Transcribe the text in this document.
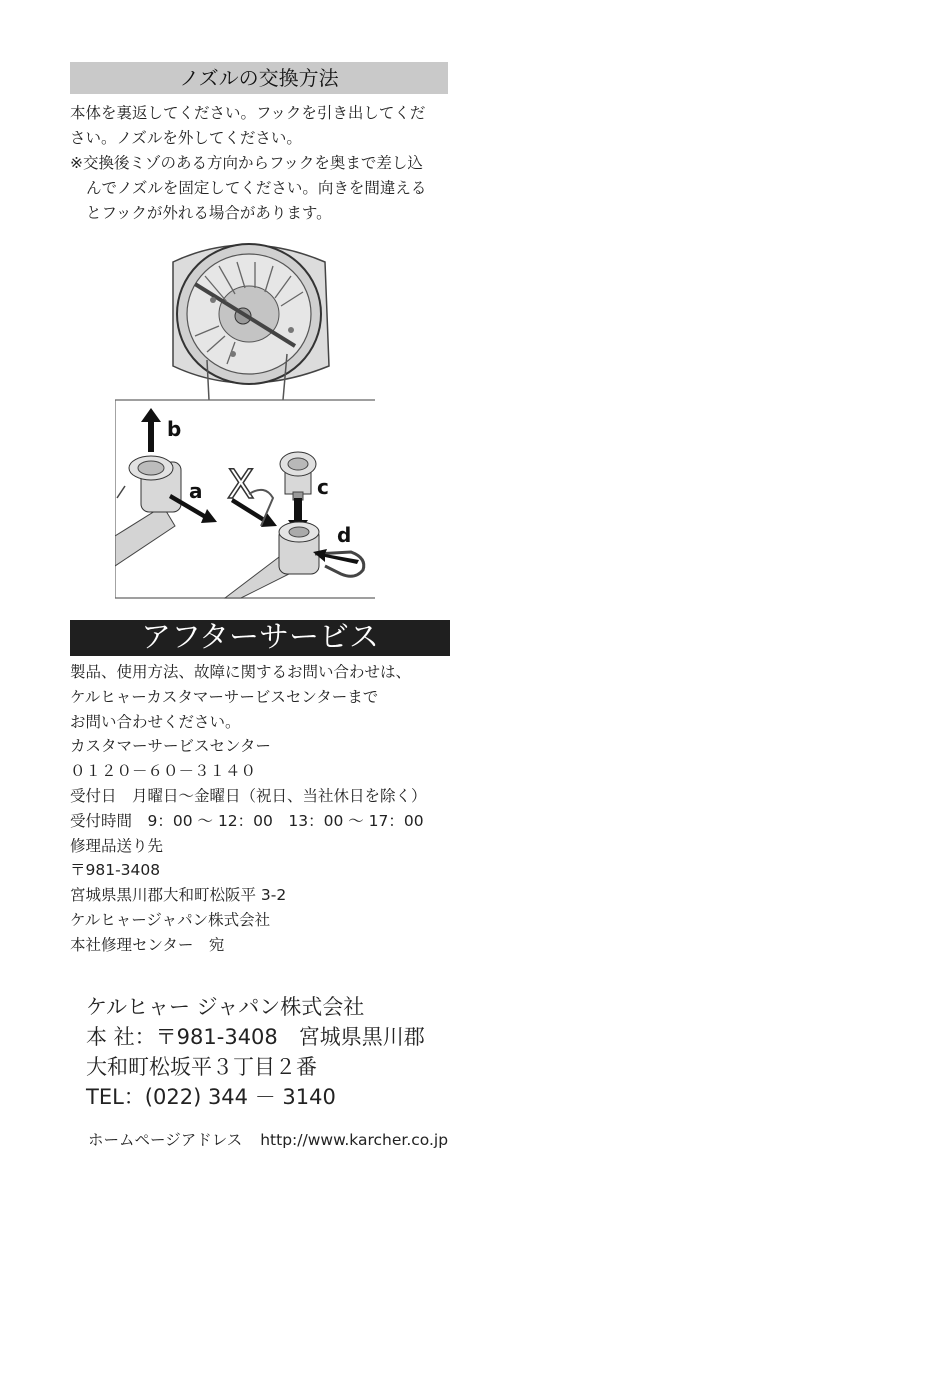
ノズルの交換方法
本体を裏返してください。フックを引き出してくだ
さい。ノズルを外してください。
※交換後ミゾのある方向からフックを奥まで差し込
んでノズルを固定してください。向きを間違える
とフックが外れる場合があります。
b
a X	c
d
アフターサービス
製品、使用方法、故障に関するお問い合わせは、
ケルヒャーカスタマーサービスセンターまで
お問い合わせください。
カスタマーサービスセンター
０１２０－６０－３１４０
受付日　月曜日～金曜日（祝日、当社休日を除く）
受付時間　9：00 ～ 12：00　13：00 ～ 17：00
修理品送り先
〒981-3408
宮城県黒川郡大和町松阪平 3-2
ケルヒャージャパン株式会社
本社修理センター　宛
ケルヒャー ジャパン株式会社
本 社：〒981-3408　宮城県黒川郡
大和町松坂平３丁目２番
TEL：(022) 344 － 3140
ホームページアドレス http://www.karcher.co.jp
